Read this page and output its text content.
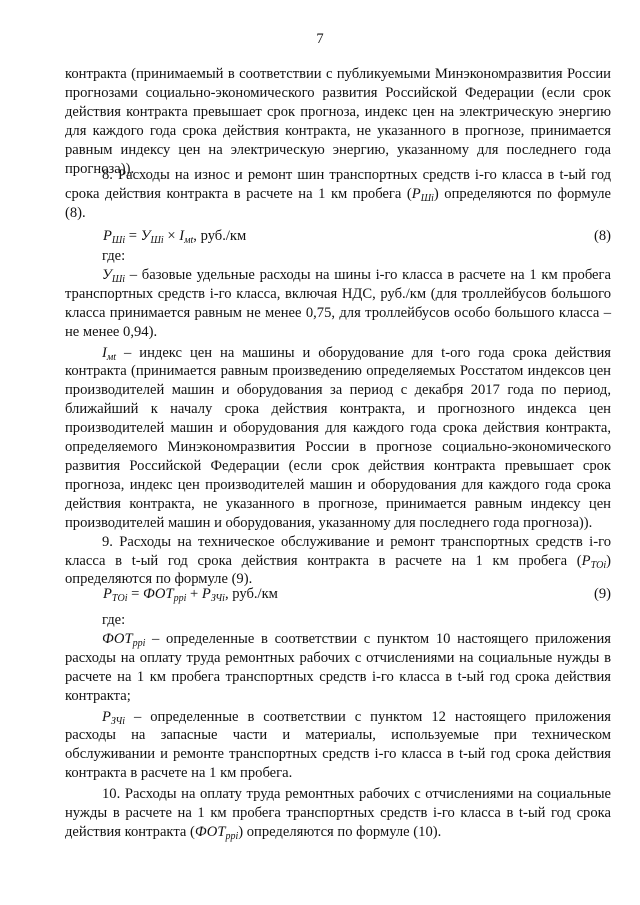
7

контракта (принимаемый в соответствии с публикуемыми Минэкономразвития России прогнозами социально-экономического развития Российской Федерации (если срок действия контракта превышает срок прогноза, индекс цен на электрическую энергию для каждого года срока действия контракта, не указанного в прогнозе, принимается равным индексу цен на электрическую энергию, указанному для последнего года прогноза)).

8. Расходы на износ и ремонт шин транспортных средств i-го класса в t-ый год срока действия контракта в расчете на 1 км пробега $(Р_{Шi})$ определяются по формуле (8).

$Р_{Шi} = У_{Шi} \times I_{мt}$, руб./км	(8)

где:

$У_{Шi}$ – базовые удельные расходы на шины i-го класса в расчете на 1 км пробега транспортных средств i-го класса, включая НДС, руб./км (для троллейбусов большого класса принимается равным не менее 0,75, для троллейбусов особо большого класса – не менее 0,94).

$I_{мt}$ – индекс цен на машины и оборудование для t-ого года срока действия контракта (принимается равным произведению определяемых Росстатом индексов цен производителей машин и оборудования за период с декабря 2017 года по период, ближайший к началу срока действия контракта, и прогнозного индекса цен производителей машин и оборудования для каждого года срока действия контракта, определяемого Минэкономразвития России в прогнозе социально-экономического развития Российской Федерации (если срок действия контракта превышает срок прогноза, индекс цен производителей машин и оборудования для каждого года срока действия контракта, не указанного в прогнозе, принимается равным индексу цен производителей машин и оборудования, указанному для последнего года прогноза)).

9. Расходы на техническое обслуживание и ремонт транспортных средств i-го класса в t-ый год срока действия контракта в расчете на 1 км пробега $(Р_{ТОi})$ определяются по формуле (9).

$Р_{ТОi} = ФОТ_{ррi} + Р_{ЗЧi}$, руб./км	(9)

где:

$ФОТ_{ррi}$ – определенные в соответствии с пунктом 10 настоящего приложения расходы на оплату труда ремонтных рабочих с отчислениями на социальные нужды в расчете на 1 км пробега транспортных средств i-го класса в t-ый год срока действия контракта;

$Р_{ЗЧi}$ – определенные в соответствии с пунктом 12 настоящего приложения расходы на запасные части и материалы, используемые при техническом обслуживании и ремонте транспортных средств i-го класса в t-ый год срока действия контракта в расчете на 1 км пробега.

10. Расходы на оплату труда ремонтных рабочих с отчислениями на социальные нужды в расчете на 1 км пробега транспортных средств i-го класса в t-ый год срока действия контракта $(ФОТ_{ррi})$ определяются по формуле (10).
